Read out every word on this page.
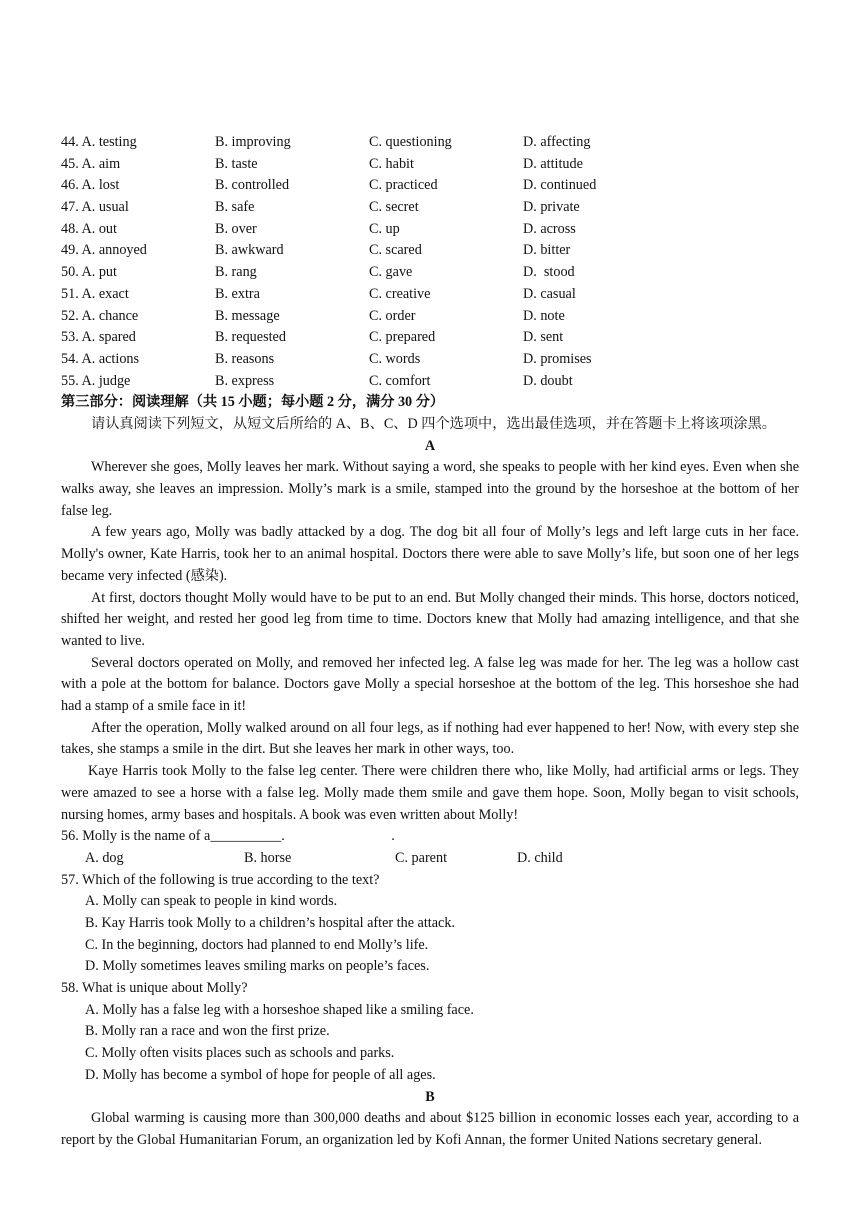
44. A. testing	B. improving	C. questioning	D. affecting
45. A. aim	B. taste	C. habit	D. attitude
46. A. lost	B. controlled	C. practiced	D. continued
47. A. usual	B. safe	C. secret	D. private
48. A. out	B. over	C. up	D. across
49. A. annoyed	B. awkward	C. scared	D. bitter
50. A. put	B. rang	C. gave	D.  stood
51. A. exact	B. extra	C. creative	D. casual
52. A. chance	B. message	C. order	D. note
53. A. spared	B. requested	C. prepared	D. sent
54. A. actions	B. reasons	C. words	D. promises
55. A. judge	B. express	C. comfort	D. doubt
第三部分：阅读理解（共 15 小题；每小题 2 分，满分 30 分）
请认真阅读下列短文，从短文后所给的 A、B、C、D 四个选项中，选出最佳选项，并在答题卡上将该项涂黑。
A

Wherever she goes, Molly leaves her mark. Without saying a word, she speaks to people with her kind eyes. Even when she walks away, she leaves an impression. Molly’s mark is a smile, stamped into the ground by the horseshoe at the bottom of her false leg.

A few years ago, Molly was badly attacked by a dog. The dog bit all four of Molly’s legs and left large cuts in her face. Molly's owner, Kate Harris, took her to an animal hospital. Doctors there were able to save Molly’s life, but soon one of her legs became very infected (感染).

At first, doctors thought Molly would have to be put to an end. But Molly changed their minds. This horse, doctors noticed, shifted her weight, and rested her good leg from time to time. Doctors knew that Molly had amazing intelligence, and that she wanted to live.

Several doctors operated on Molly, and removed her infected leg. A false leg was made for her. The leg was a hollow cast with a pole at the bottom for balance. Doctors gave Molly a special horseshoe at the bottom of the leg. This horseshoe she had had a stamp of a smile face in it!

After the operation, Molly walked around on all four legs, as if nothing had ever happened to her! Now, with every step she takes, she stamps a smile in the dirt. But she leaves her mark in other ways, too.

Kaye Harris took Molly to the false leg center. There were children there who, like Molly, had artificial arms or legs. They were amazed to see a horse with a false leg. Molly made them smile and gave them hope. Soon, Molly began to visit schools, nursing homes, army bases and hospitals. A book was even written about Molly!

56. Molly is the name of a__________.                              .
A. dog	B. horse	C. parent	D. child
57. Which of the following is true according to the text?
A. Molly can speak to people in kind words.
B. Kay Harris took Molly to a children’s hospital after the attack.
C. In the beginning, doctors had planned to end Molly’s life.
D. Molly sometimes leaves smiling marks on people’s faces.
58. What is unique about Molly?
A. Molly has a false leg with a horseshoe shaped like a smiling face.
B. Molly ran a race and won the first prize.
C. Molly often visits places such as schools and parks.
D. Molly has become a symbol of hope for people of all ages.
B

Global warming is causing more than 300,000 deaths and about $125 billion in economic losses each year, according to a report by the Global Humanitarian Forum, an organization led by Kofi Annan, the former United Nations secretary general.
